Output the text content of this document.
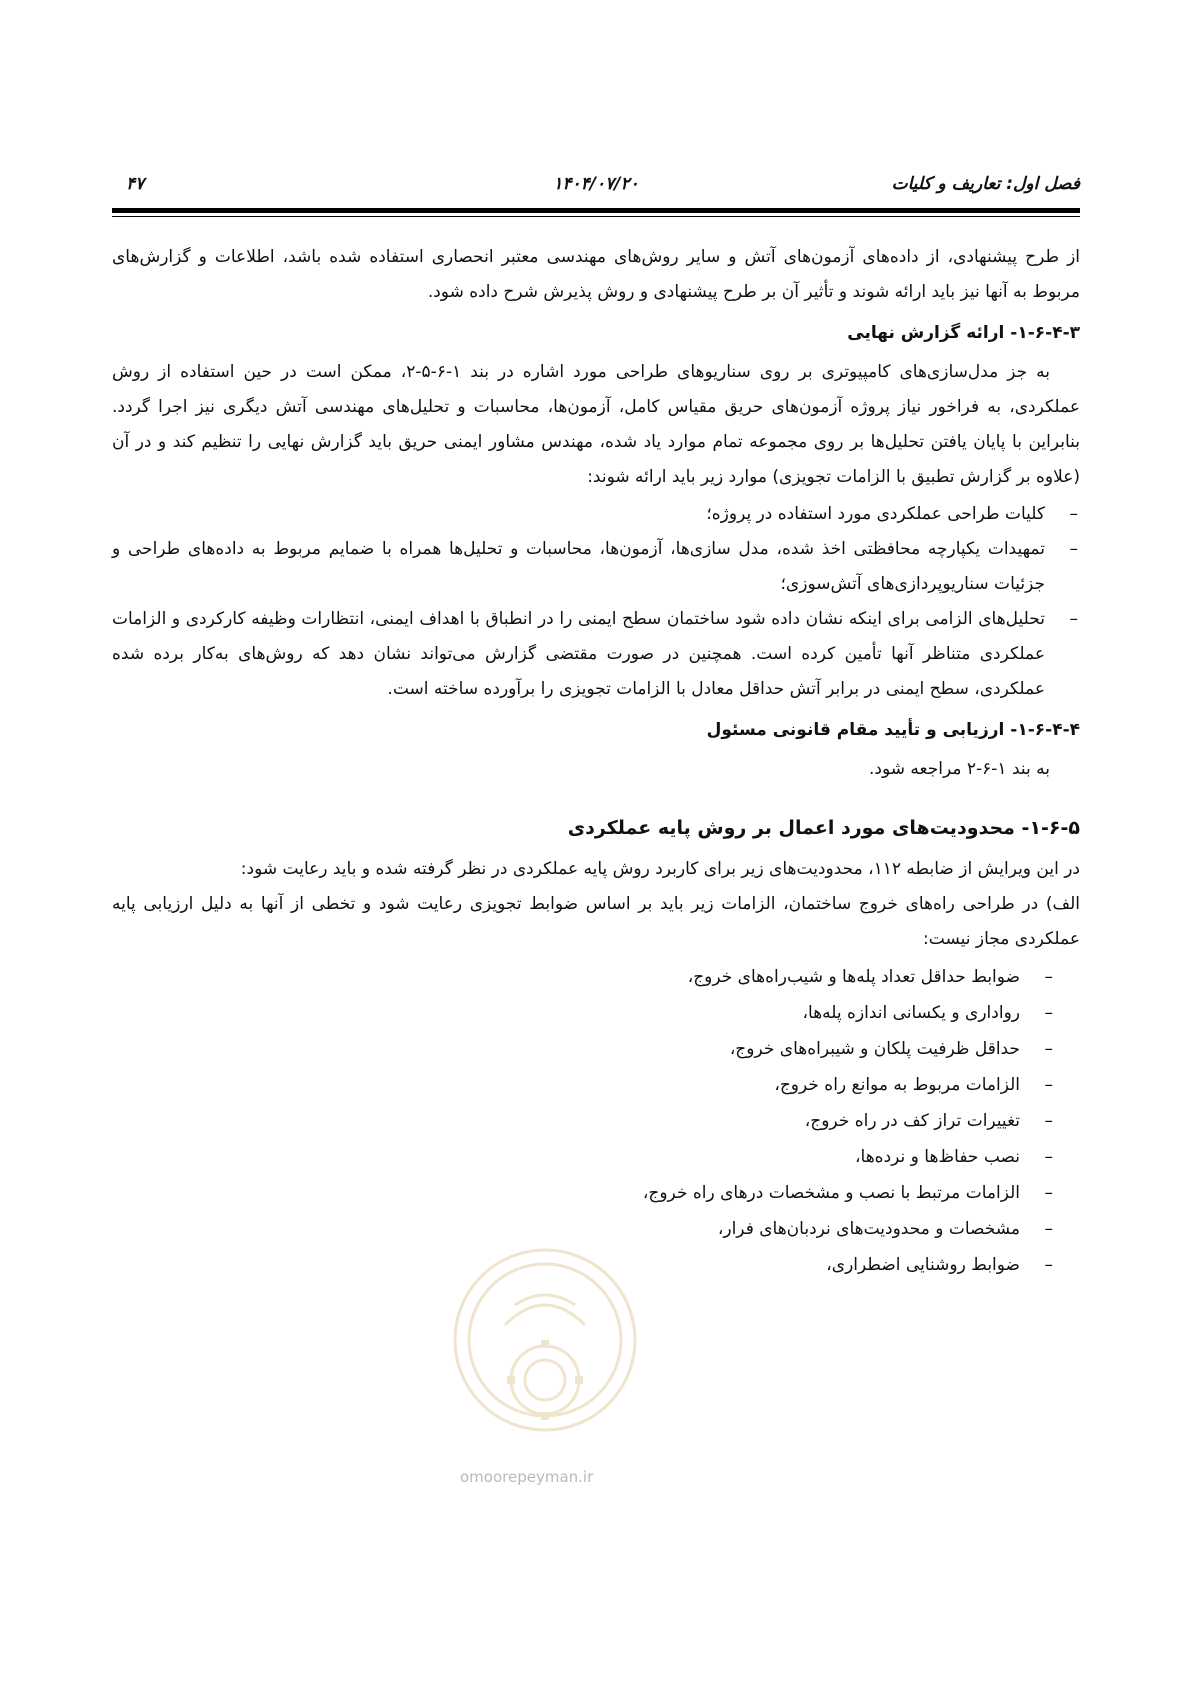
فصل اول: تعاریف و کلیات
۱۴۰۴/۰۷/۲۰
۴۷

از طرح پیشنهادی، از داده‌های آزمون‌های آتش و سایر روش‌های مهندسی معتبر انحصاری استفاده شده باشد، اطلاعات و گزارش‌های مربوط به آنها نیز باید ارائه شوند و تأثیر آن بر طرح پیشنهادی و روش پذیرش شرح داده شود.

۱-۶-۴-۳- ارائه گزارش نهایی

به جز مدل‌سازی‌های کامپیوتری بر روی سناریوهای طراحی مورد اشاره در بند ۱-۶-۵-۲، ممکن است در حین استفاده از روش عملکردی، به فراخور نیاز پروژه آزمون‌های حریق مقیاس کامل، آزمون‌ها، محاسبات و تحلیل‌های مهندسی آتش دیگری نیز اجرا گردد. بنابراین با پایان یافتن تحلیل‌ها بر روی مجموعه تمام موارد یاد شده، مهندس مشاور ایمنی حریق باید گزارش نهایی را تنظیم کند و در آن (علاوه بر گزارش تطبیق با الزامات تجویزی) موارد زیر باید ارائه شوند:

–
کلیات طراحی عملکردی مورد استفاده در پروژه؛
–
تمهیدات یکپارچه محافظتی اخذ شده، مدل سازی‌ها، آزمون‌ها، محاسبات و تحلیل‌ها همراه با ضمایم مربوط به داده‌های طراحی و جزئیات سناریوپردازی‌های آتش‌سوزی؛
–
تحلیل‌های الزامی برای اینکه نشان داده شود ساختمان سطح ایمنی را در انطباق با اهداف ایمنی، انتظارات وظیفه کارکردی و الزامات عملکردی متناظر آنها تأمین کرده است. همچنین در صورت مقتضی گزارش می‌تواند نشان دهد که روش‌های به‌کار برده شده عملکردی، سطح ایمنی در برابر آتش حداقل معادل با الزامات تجویزی را برآورده ساخته است.
۱-۶-۴-۴- ارزیابی و تأیید مقام قانونی مسئول

به بند ۱-۶-۲ مراجعه شود.

۱-۶-۵- محدودیت‌های مورد اعمال بر روش پایه عملکردی

در این ویرایش از ضابطه ۱۱۲، محدودیت‌های زیر برای کاربرد روش پایه عملکردی در نظر گرفته شده و باید رعایت شود:

الف) در طراحی راه‌های خروج ساختمان، الزامات زیر باید بر اساس ضوابط تجویزی رعایت شود و تخطی از آنها به دلیل ارزیابی پایه عملکردی مجاز نیست:

–
ضوابط حداقل تعداد پله‌ها و شیب‌راه‌های خروج،
–
رواداری و یکسانی اندازه پله‌ها،
–
حداقل ظرفیت پلکان و شیبراه‌های خروج،
–
الزامات مربوط به موانع راه خروج،
–
تغییرات تراز کف در راه خروج،
–
نصب حفاظ‌ها و نرده‌ها،
–
الزامات مرتبط با نصب و مشخصات درهای راه خروج،
–
مشخصات و محدودیت‌های نردبان‌های فرار،
–
ضوابط روشنایی اضطراری،
omoorepeyman.ir
